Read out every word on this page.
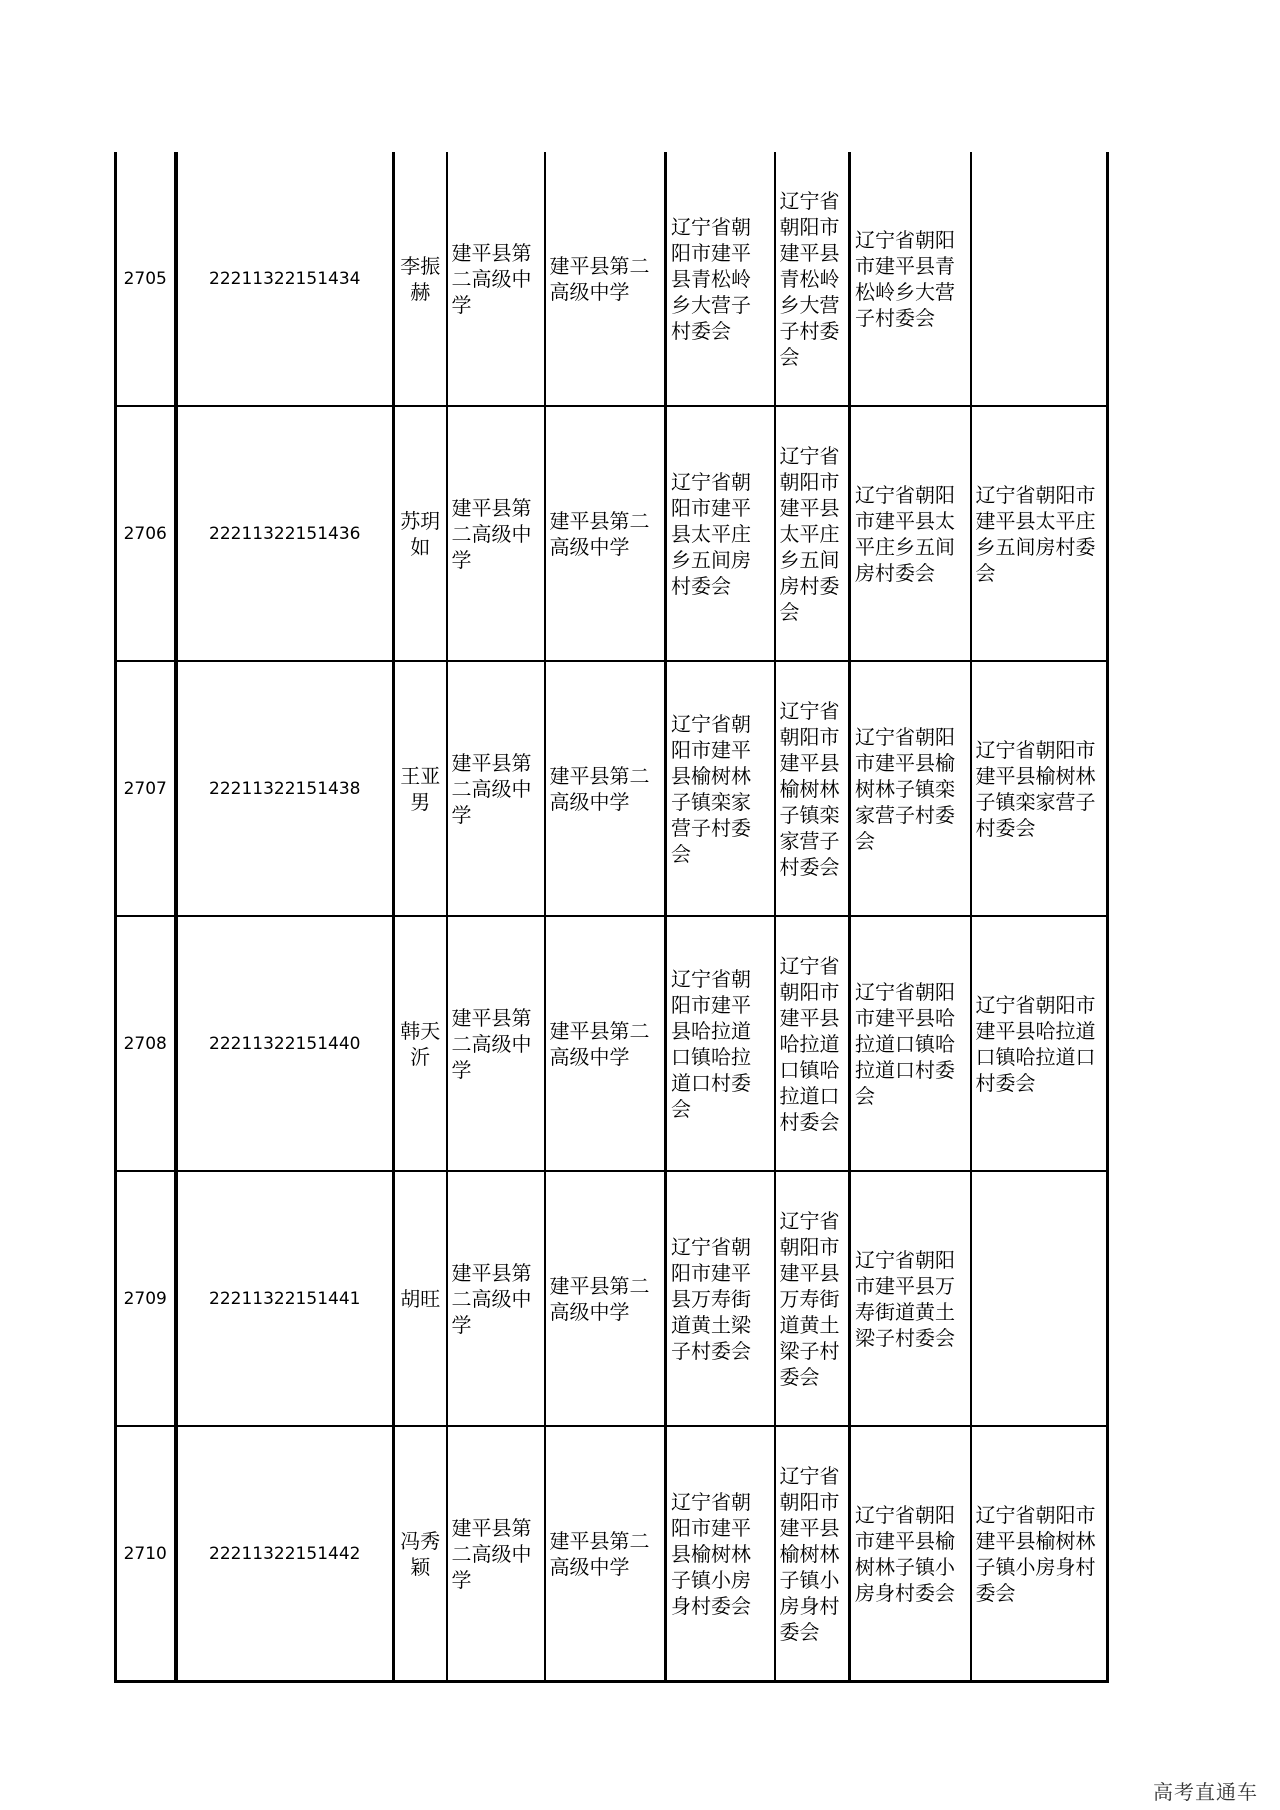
2705	22211322151434	李振赫	建平县第二高级中学	建平县第二高级中学	辽宁省朝阳市建平县青松岭乡大营子村委会	辽宁省朝阳市建平县青松岭乡大营子村委会	辽宁省朝阳市建平县青松岭乡大营子村委会	
2706	22211322151436	苏玥如	建平县第二高级中学	建平县第二高级中学	辽宁省朝阳市建平县太平庄乡五间房村委会	辽宁省朝阳市建平县太平庄乡五间房村委会	辽宁省朝阳市建平县太平庄乡五间房村委会	辽宁省朝阳市建平县太平庄乡五间房村委会
2707	22211322151438	王亚男	建平县第二高级中学	建平县第二高级中学	辽宁省朝阳市建平县榆树林子镇栾家营子村委会	辽宁省朝阳市建平县榆树林子镇栾家营子村委会	辽宁省朝阳市建平县榆树林子镇栾家营子村委会	辽宁省朝阳市建平县榆树林子镇栾家营子村委会
2708	22211322151440	韩天沂	建平县第二高级中学	建平县第二高级中学	辽宁省朝阳市建平县哈拉道口镇哈拉道口村委会	辽宁省朝阳市建平县哈拉道口镇哈拉道口村委会	辽宁省朝阳市建平县哈拉道口镇哈拉道口村委会	辽宁省朝阳市建平县哈拉道口镇哈拉道口村委会
2709	22211322151441	胡旺	建平县第二高级中学	建平县第二高级中学	辽宁省朝阳市建平县万寿街道黄土梁子村委会	辽宁省朝阳市建平县万寿街道黄土梁子村委会	辽宁省朝阳市建平县万寿街道黄土梁子村委会	
2710	22211322151442	冯秀颖	建平县第二高级中学	建平县第二高级中学	辽宁省朝阳市建平县榆树林子镇小房身村委会	辽宁省朝阳市建平县榆树林子镇小房身村委会	辽宁省朝阳市建平县榆树林子镇小房身村委会	辽宁省朝阳市建平县榆树林子镇小房身村委会
高考直通车
